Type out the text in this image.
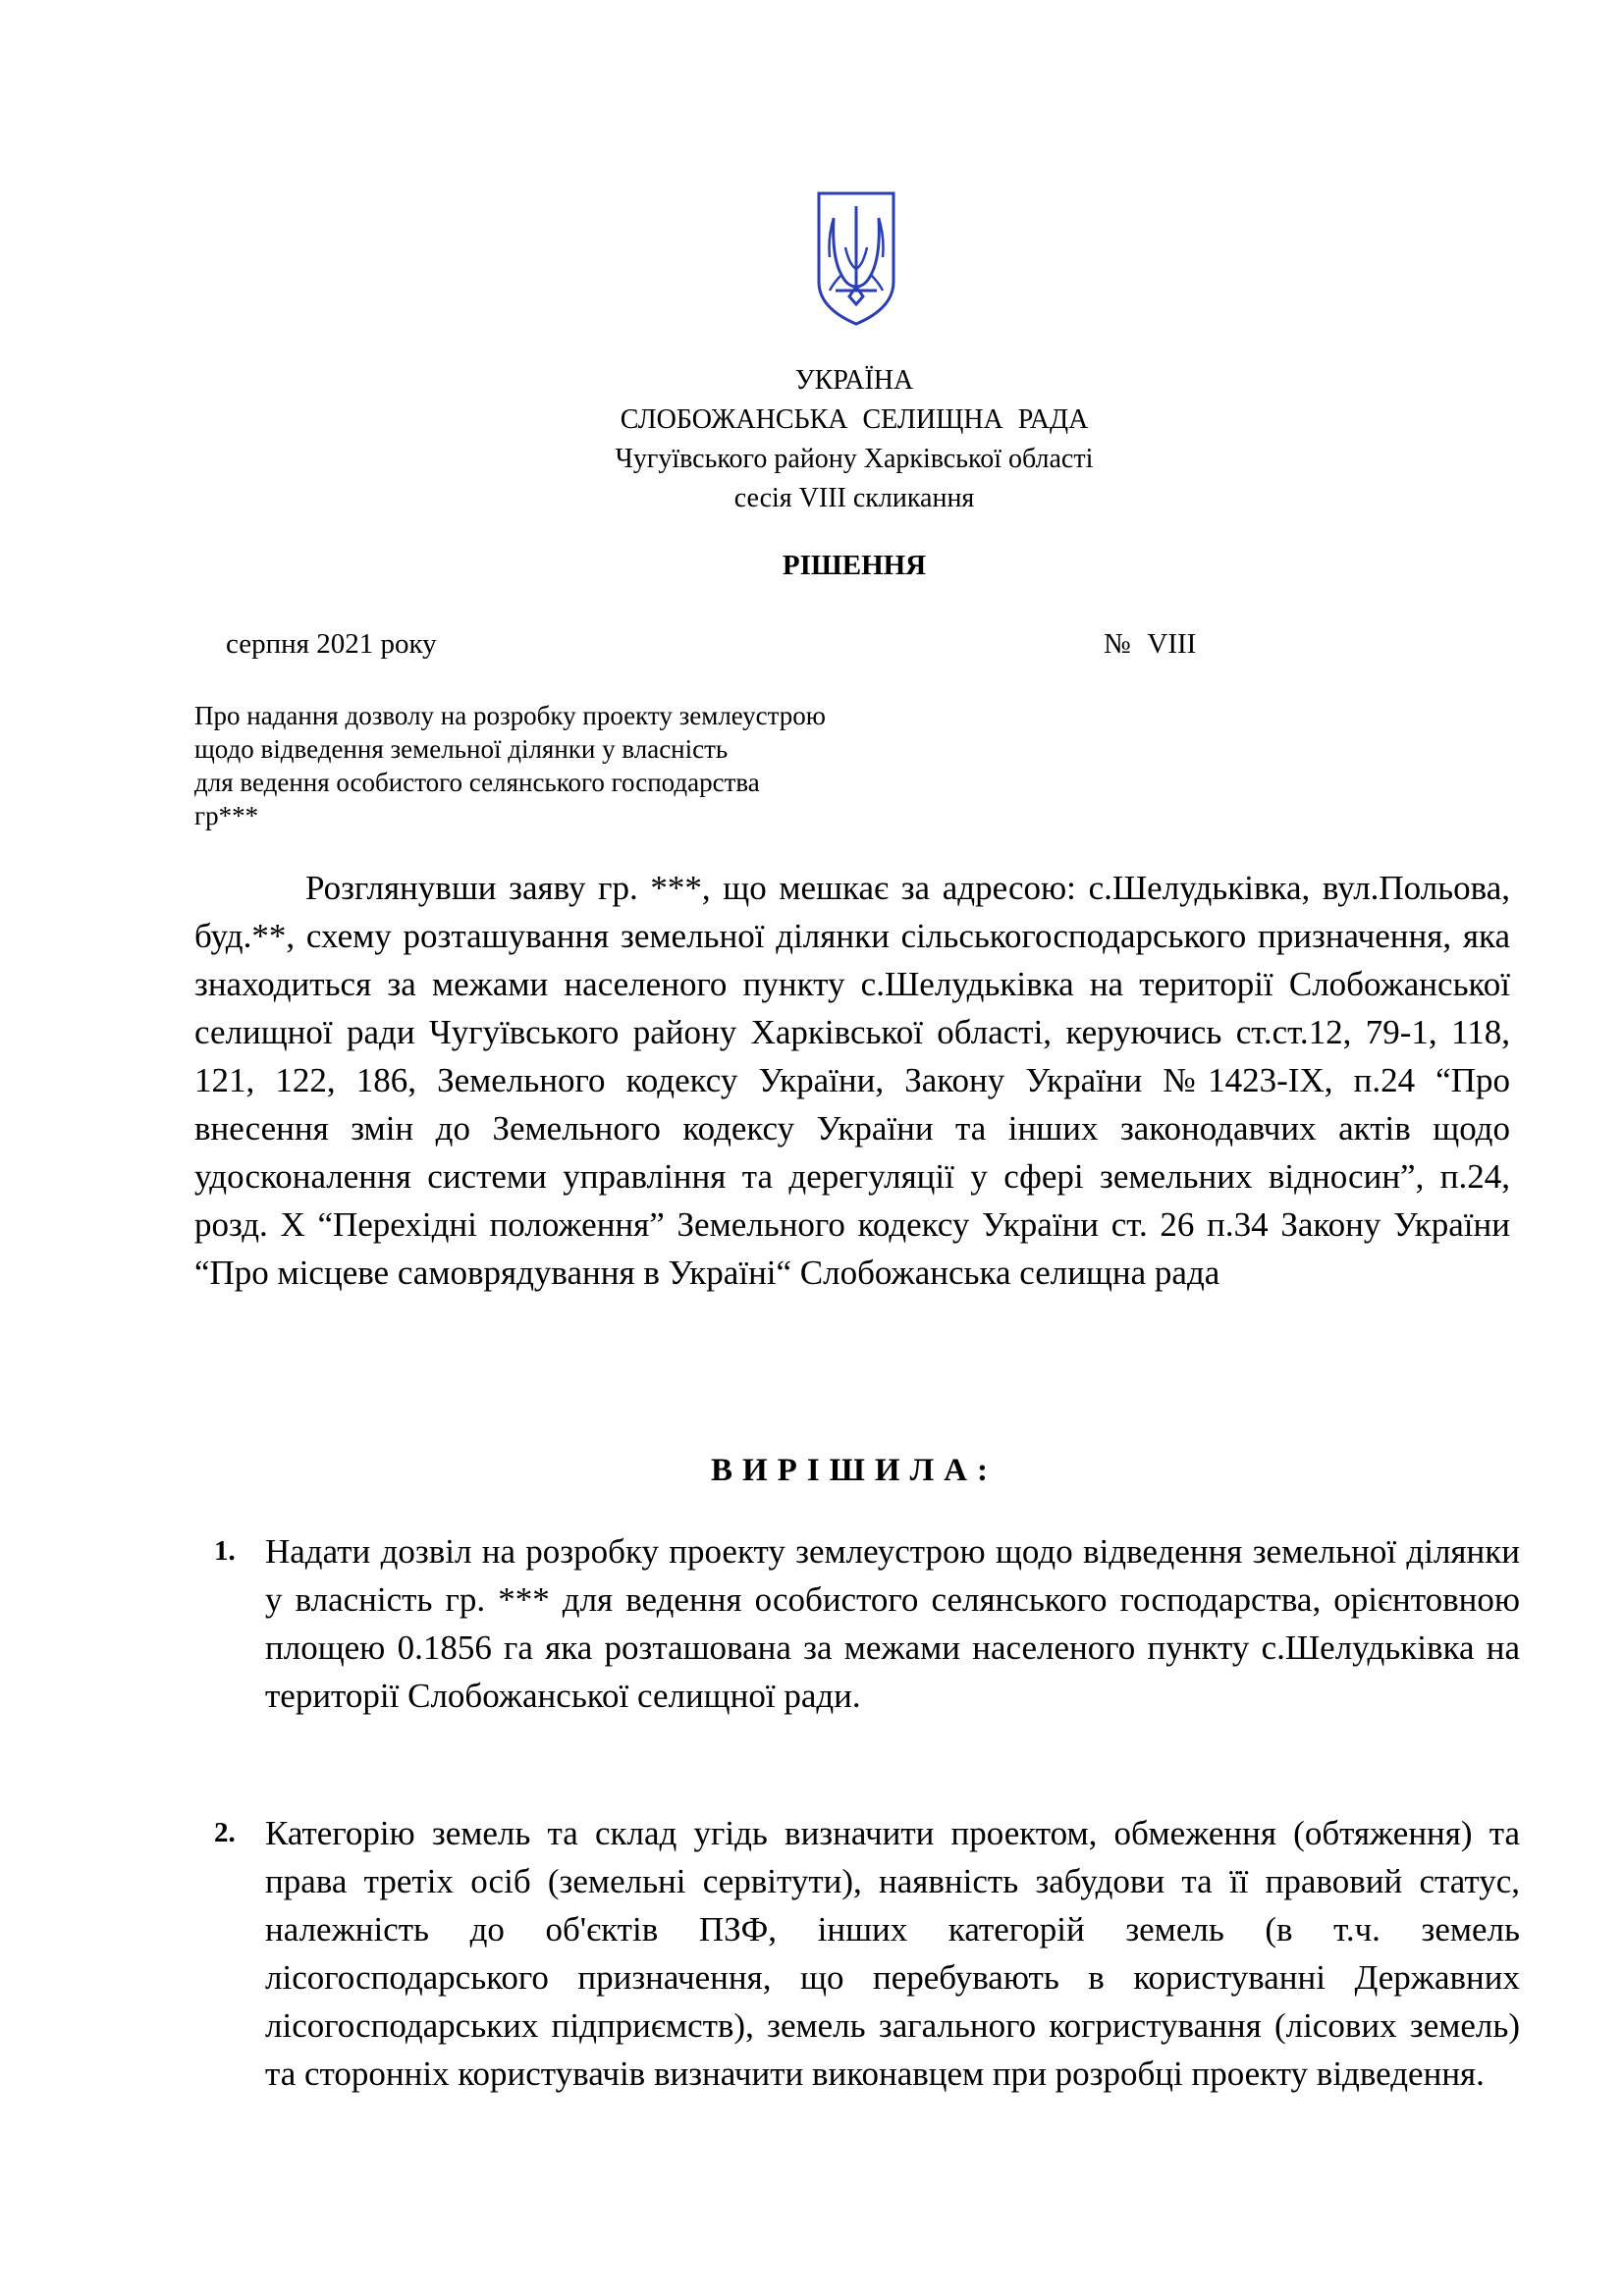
УКРАЇНА
СЛОБОЖАНСЬКА СЕЛИЩНА РАДА
Чугуївського району Харківської області
сесія VIII скликання
РІШЕННЯ
серпня 2021 року	№ VIII
Про надання дозволу на розробку проекту землеустрою
щодо відведення земельної ділянки у власність
для ведення особистого селянського господарства
гр***
Розглянувши заяву гр. ***, що мешкає за адресою: с.Шелудьківка, вул.Польова, буд.**, схему розташування земельної ділянки сільськогосподарського призначення, яка знаходиться за межами населеного пункту с.Шелудьківка на території Слобожанської селищної ради Чугуївського району Харківської області, керуючись ст.ст.12, 79-1, 118, 121, 122, 186, Земельного кодексу України, Закону України №1423-IX, п.24 “Про внесення змін до Земельного кодексу України та інших законодавчих актів щодо удосконалення системи управління та дерегуляції у сфері земельних відносин”, п.24, розд. X “Перехідні положення” Земельного кодексу України ст. 26 п.34 Закону України “Про місцеве самоврядування в Україні“ Слобожанська селищна рада
ВИРІШИЛА:
1. Надати дозвіл на розробку проекту землеустрою щодо відведення земельної ділянки у власність гр. *** для ведення особистого селянського господарства, орієнтовною площею 0.1856 га яка розташована за межами населеного пункту с.Шелудьківка на території Слобожанської селищної ради.
2. Категорію земель та склад угідь визначити проектом, обмеження (обтяження) та права третіх осіб (земельні сервітути), наявність забудови та її правовий статус, належність до об'єктів ПЗФ, інших категорій земель (в т.ч. земель лісогосподарського призначення, що перебувають в користуванні Державних лісогосподарських підприємств), земель загального когристування (лісових земель) та сторонніх користувачів визначити виконавцем при розробці проекту відведення.
